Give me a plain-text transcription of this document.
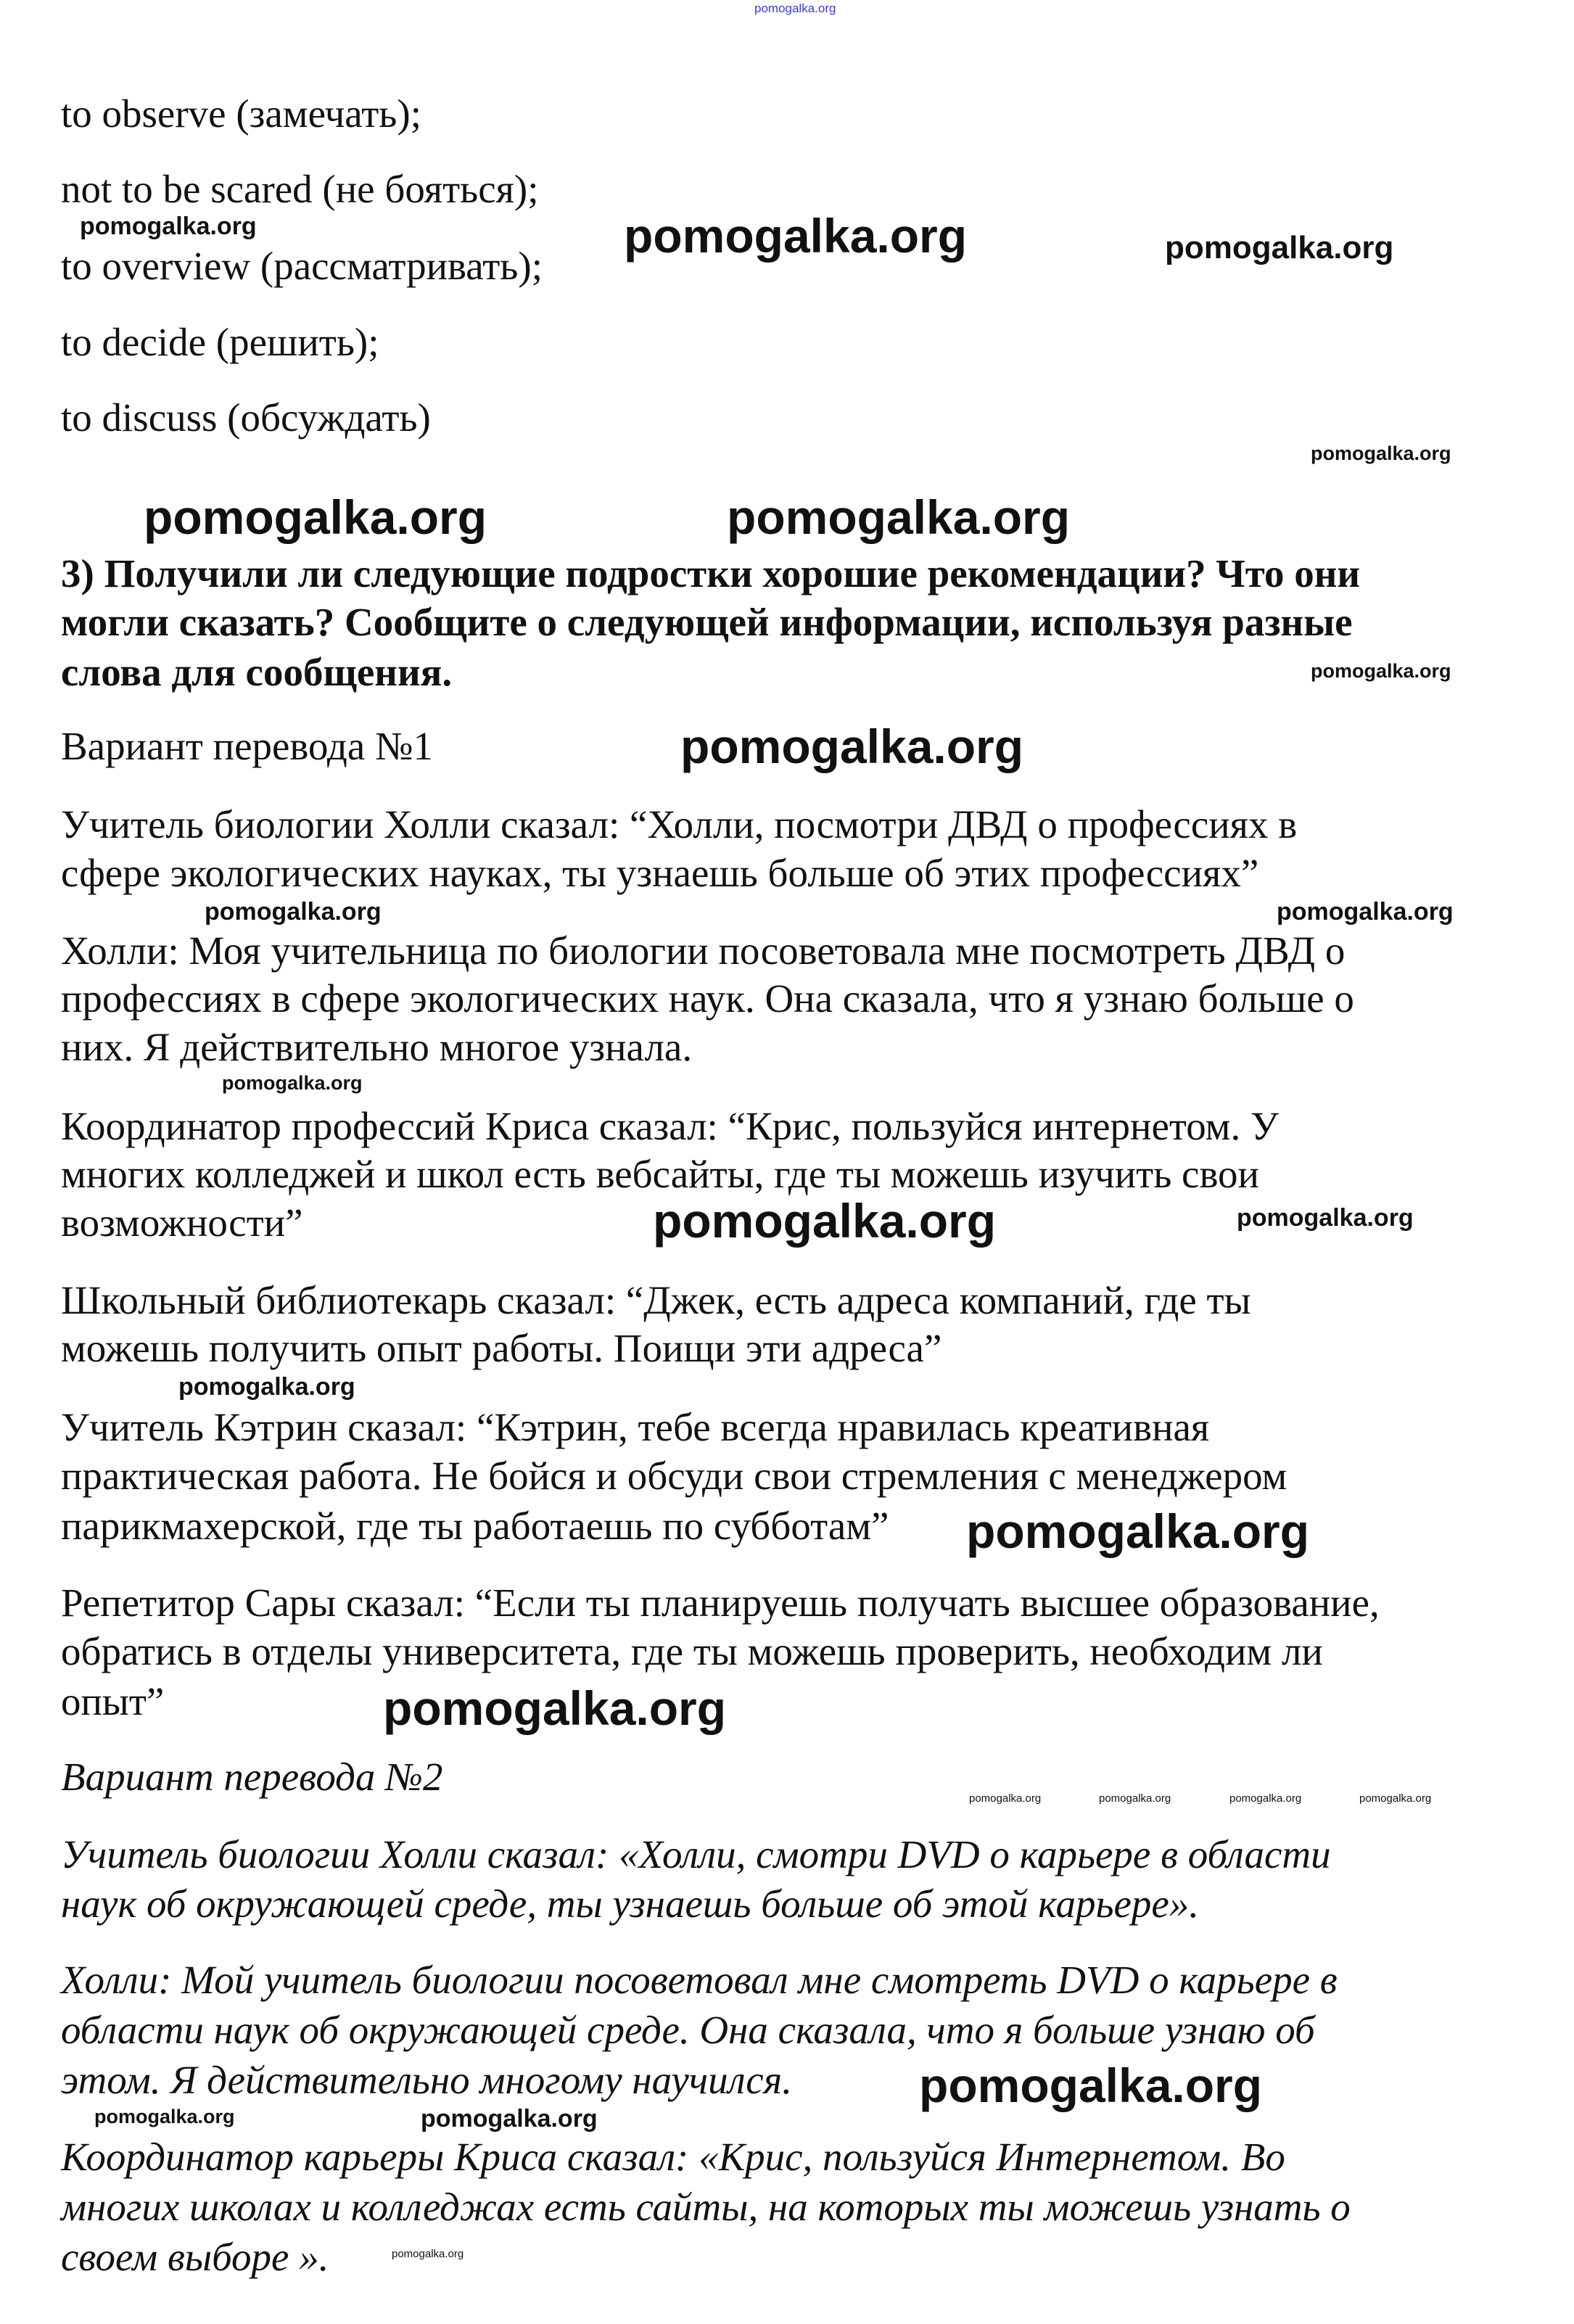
pomogalka.org
to observe (замечать);
not to be scared (не бояться);
to overview (рассматривать);
to decide (решить);
to discuss (обсуждать)
3) Получили ли следующие подростки хорошие рекомендации? Что они
могли сказать? Сообщите о следующей информации, используя разные
слова для сообщения.
Вариант перевода №1
Учитель биологии Холли сказал: “Холли, посмотри ДВД о профессиях в
сфере экологических науках, ты узнаешь больше об этих профессиях”
Холли: Моя учительница по биологии посоветовала мне посмотреть ДВД о
профессиях в сфере экологических наук. Она сказала, что я узнаю больше о
них. Я действительно многое узнала.
Координатор профессий Криса сказал: “Крис, пользуйся интернетом. У
многих колледжей и школ есть вебсайты, где ты можешь изучить свои
возможности”
Школьный библиотекарь сказал: “Джек, есть адреса компаний, где ты
можешь получить опыт работы. Поищи эти адреса”
Учитель Кэтрин сказал: “Кэтрин, тебе всегда нравилась креативная
практическая работа. Не бойся и обсуди свои стремления с менеджером
парикмахерской, где ты работаешь по субботам”
Репетитор Сары сказал: “Если ты планируешь получать высшее образование,
обратись в отделы университета, где ты можешь проверить, необходим ли
опыт”
Вариант перевода №2
Учитель биологии Холли сказал: «Холли, смотри DVD о карьере в области
наук об окружающей среде, ты узнаешь больше об этой карьере».
Холли: Мой учитель биологии посоветовал мне смотреть DVD о карьере в
области наук об окружающей среде. Она сказала, что я больше узнаю об
этом. Я действительно многому научился.
Координатор карьеры Криса сказал: «Крис, пользуйся Интернетом. Во
многих школах и колледжах есть сайты, на которых ты можешь узнать о
своем выборе ».
pomogalka.org	pomogalka.org	pomogalka.org
pomogalka.org
pomogalka.org	pomogalka.org
pomogalka.org
pomogalka.org
pomogalka.org
pomogalka.org
pomogalka.org
pomogalka.org
pomogalka.org
pomogalka.org
pomogalka.org
pomogalka.org
pomogalka.org	pomogalka.org	pomogalka.org	pomogalka.org
pomogalka.org
pomogalka.org	pomogalka.org
pomogalka.org
